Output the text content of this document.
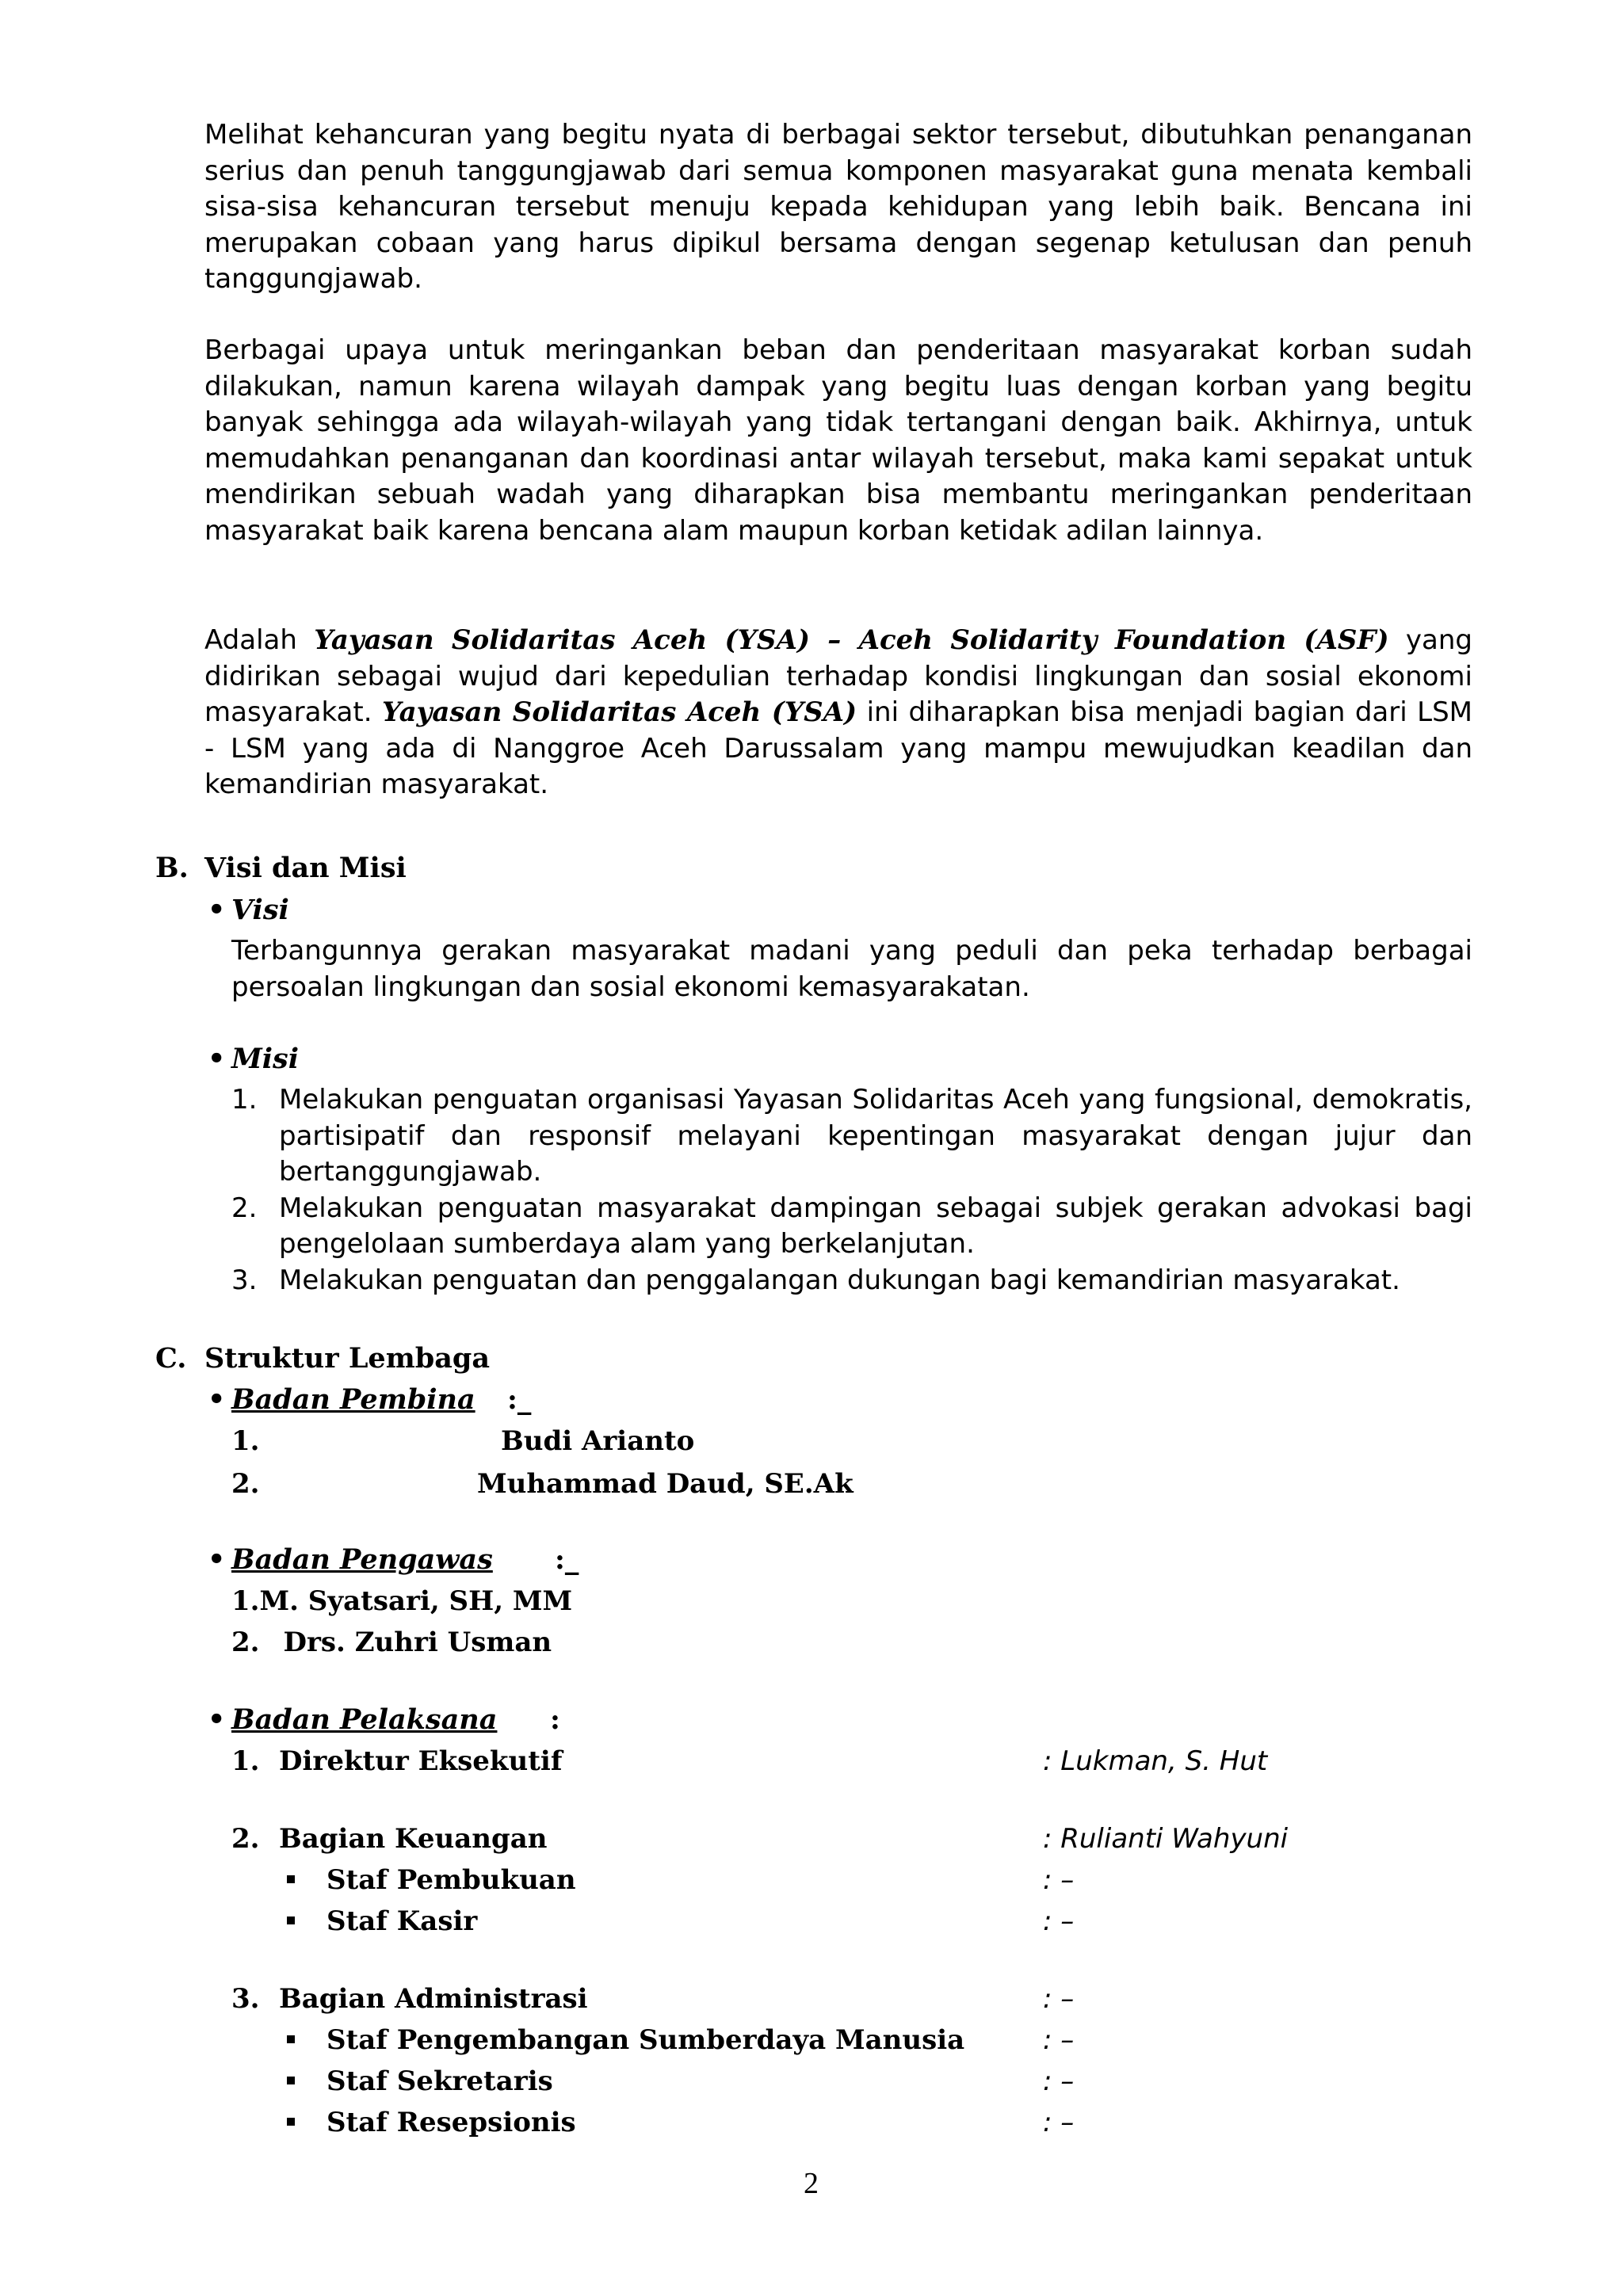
Melihat kehancuran yang begitu nyata di berbagai sektor tersebut, dibutuhkan penanganan serius dan penuh tanggungjawab dari semua komponen masyarakat guna menata kembali sisa-sisa kehancuran tersebut menuju kepada kehidupan yang lebih baik. Bencana ini merupakan cobaan yang harus dipikul bersama dengan segenap ketulusan dan penuh tanggungjawab.

Berbagai upaya untuk meringankan beban dan penderitaan masyarakat korban sudah dilakukan, namun karena wilayah dampak yang begitu luas dengan korban yang begitu banyak sehingga ada wilayah-wilayah yang tidak tertangani dengan baik. Akhirnya, untuk memudahkan penanganan dan koordinasi antar wilayah tersebut, maka kami sepakat untuk mendirikan sebuah wadah yang diharapkan bisa membantu meringankan penderitaan masyarakat baik karena bencana alam maupun korban ketidak adilan lainnya.

Adalah Yayasan Solidaritas Aceh (YSA) – Aceh Solidarity Foundation (ASF) yang didirikan sebagai wujud dari kepedulian terhadap kondisi lingkungan dan sosial ekonomi masyarakat. Yayasan Solidaritas Aceh (YSA) ini diharapkan bisa menjadi bagian dari LSM - LSM yang ada di Nanggroe Aceh Darussalam yang mampu mewujudkan keadilan dan kemandirian masyarakat.

B. Visi dan Misi
• Visi

Terbangunnya gerakan masyarakat madani yang peduli dan peka terhadap berbagai persoalan lingkungan dan sosial ekonomi kemasyarakatan.

• Misi
1. Melakukan penguatan organisasi Yayasan Solidaritas Aceh yang fungsional, demokratis, partisipatif dan responsif melayani kepentingan masyarakat dengan jujur dan bertanggungjawab.
2. Melakukan penguatan masyarakat dampingan sebagai subjek gerakan advokasi bagi pengelolaan sumberdaya alam yang berkelanjutan.
3. Melakukan penguatan dan penggalangan dukungan bagi kemandirian masyarakat.
C. Struktur Lembaga
• Badan Pembina :_
1.	Budi Arianto
2.	Muhammad Daud, SE.Ak
• Badan Pengawas :_
1.M. Syatsari, SH, MM
2. Drs. Zuhri Usman
• Badan Pelaksana :
1. Direktur Eksekutif	: Lukman, S. Hut
2. Bagian Keuangan	: Rulianti Wahyuni
Staf Pembukuan	: –
Staf Kasir	: –
3. Bagian Administrasi	: –
Staf Pengembangan Sumberdaya Manusia	: –
Staf Sekretaris	: –
Staf Resepsionis	: –
2
